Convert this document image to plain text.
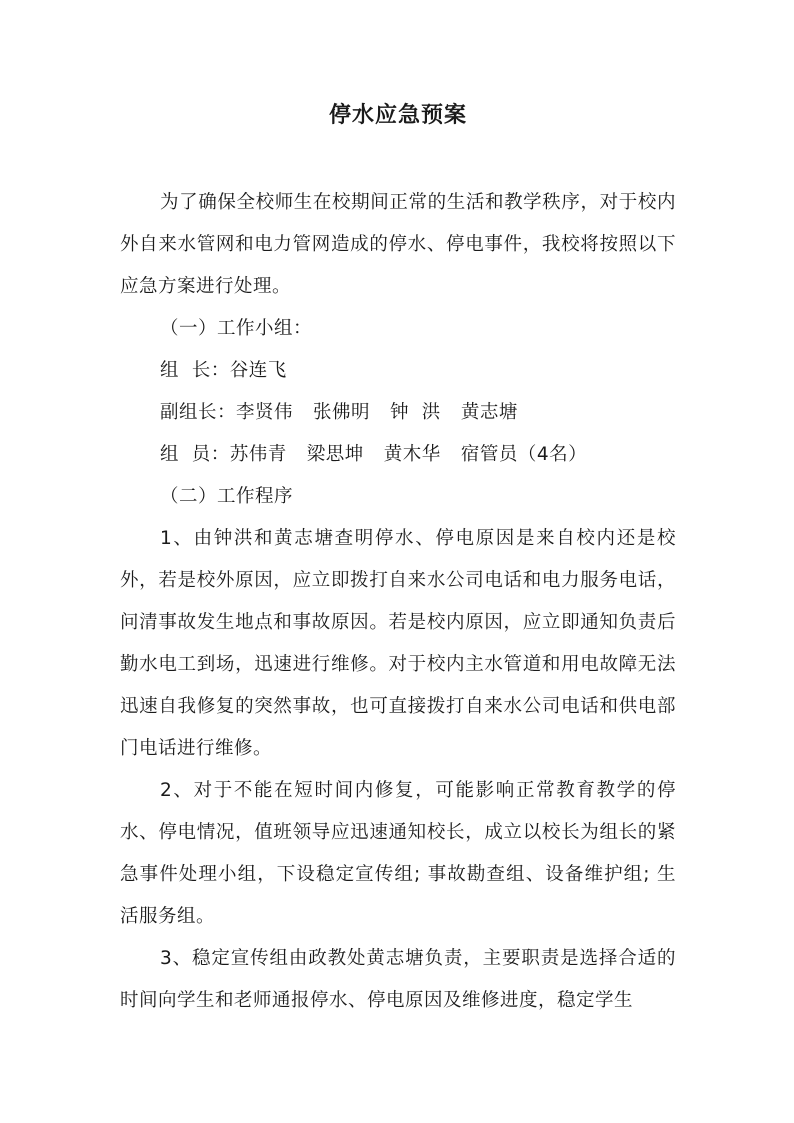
停水应急预案

为了确保全校师生在校期间正常的生活和教学秩序，对于校内外自来水管网和电力管网造成的停水、停电事件，我校将按照以下应急方案进行处理。

（一）工作小组：

组  长：谷连飞

副组长：李贤伟 张佛明 钟  洪 黄志塘

组  员：苏伟青 梁思坤 黄木华 宿管员（4名）

（二）工作程序

1、由钟洪和黄志塘查明停水、停电原因是来自校内还是校外，若是校外原因，应立即拨打自来水公司电话和电力服务电话，问清事故发生地点和事故原因。若是校内原因，应立即通知负责后勤水电工到场，迅速进行维修。对于校内主水管道和用电故障无法迅速自我修复的突然事故，也可直接拨打自来水公司电话和供电部门电话进行维修。

2、对于不能在短时间内修复，可能影响正常教育教学的停水、停电情况，值班领导应迅速通知校长，成立以校长为组长的紧急事件处理小组，下设稳定宣传组; 事故勘查组、设备维护组; 生活服务组。

3、稳定宣传组由政教处黄志塘负责，主要职责是选择合适的时间向学生和老师通报停水、停电原因及维修进度，稳定学生
